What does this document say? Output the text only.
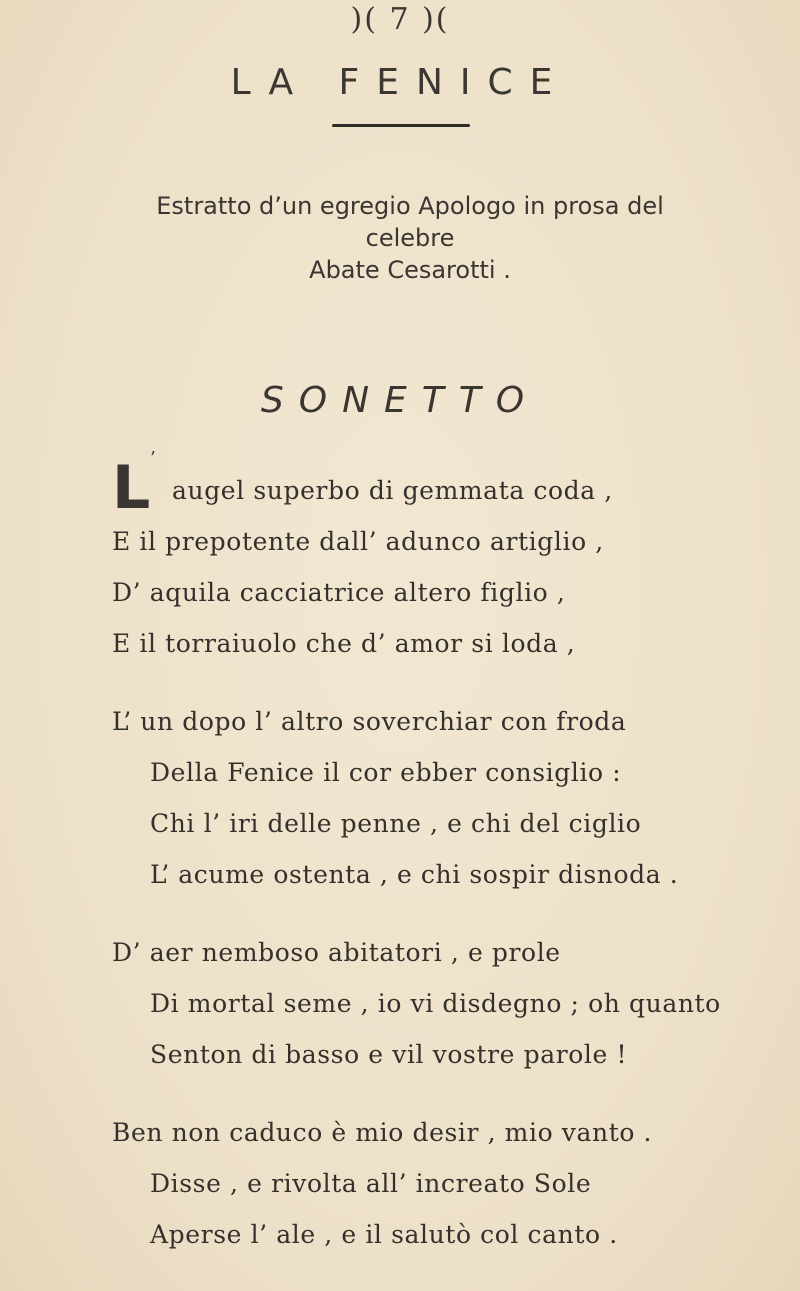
)( 7 )(
LA FENICE
Estratto d’un egregio Apologo in prosa del celebre
Abate Cesarotti .
SONETTO
’
L augel superbo di gemmata coda ,
E il prepotente dall’ adunco artiglio ,
D’ aquila cacciatrice altero figlio ,
E il torraiuolo che d’ amor si loda ,
L’ un dopo l’ altro soverchiar con froda
Della Fenice il cor ebber consiglio :
Chi l’ iri delle penne , e chi del ciglio
L’ acume ostenta , e chi sospir disnoda .
D’ aer nemboso abitatori , e prole
Di mortal seme , io vi disdegno ; oh quanto
Senton di basso e vil vostre parole !
Ben non caduco è mio desir , mio vanto .
Disse , e rivolta all’ increato Sole
Aperse l’ ale , e il salutò col canto .
